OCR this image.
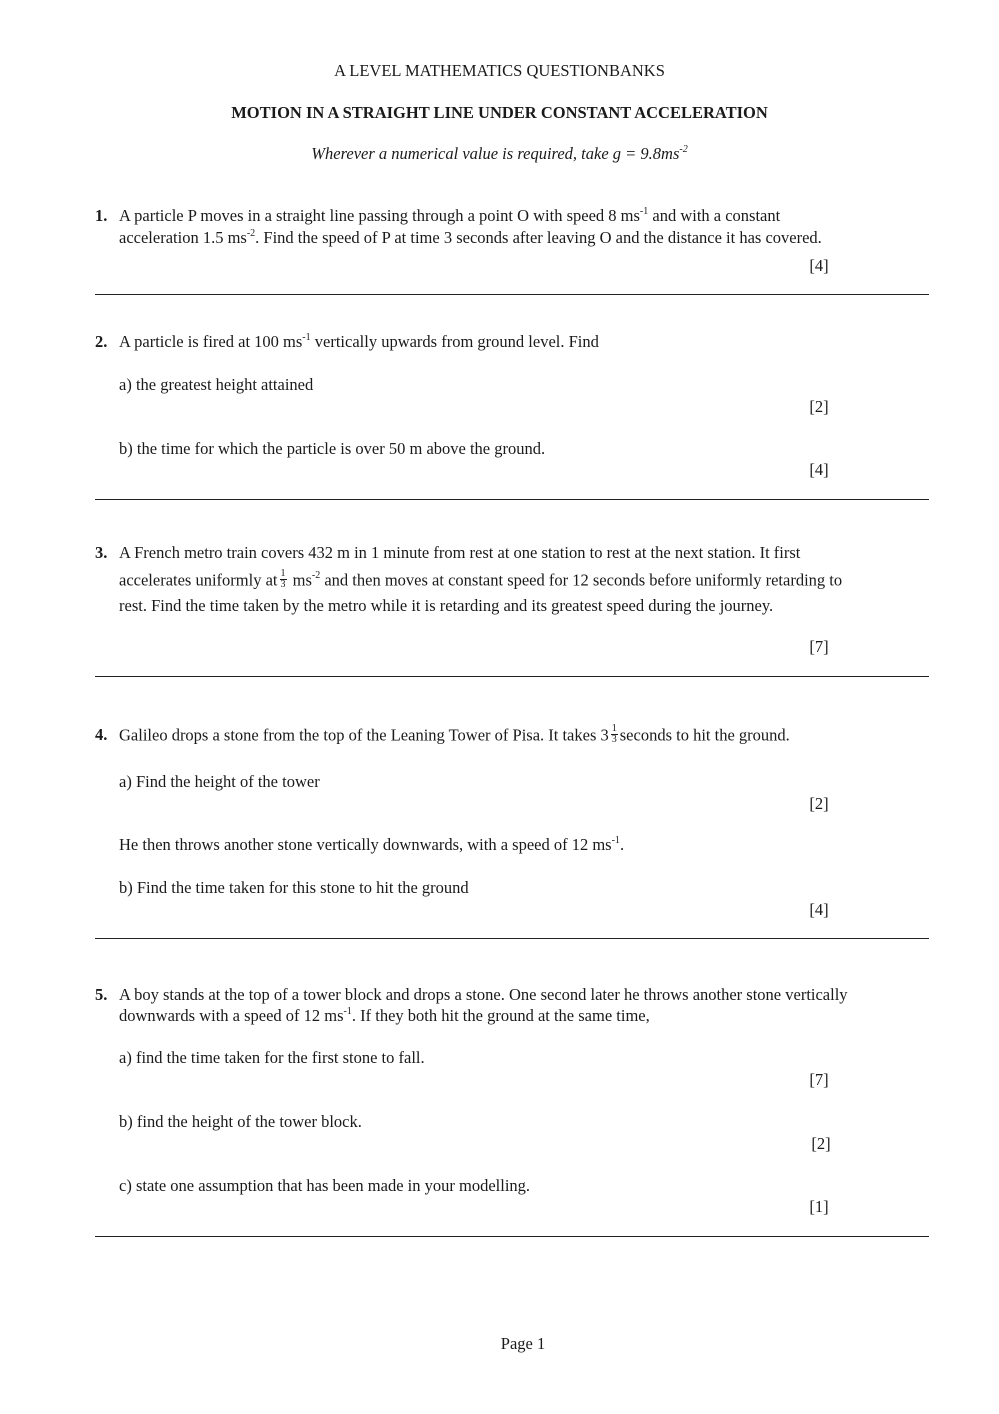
A LEVEL MATHEMATICS QUESTIONBANKS
MOTION IN A STRAIGHT LINE UNDER CONSTANT ACCELERATION
Wherever a numerical value is required, take $g = 9.8ms^{-2}$
1. A particle P moves in a straight line passing through a point O with speed 8 $ms^{-1}$ and with a constant
acceleration 1.5 $ms^{-2}$. Find the speed of P at time 3 seconds after leaving O and the distance it has covered.
[4]
2. A particle is fired at 100 $ms^{-1}$ vertically upwards from ground level. Find
a) the greatest height attained
[2]
b) the time for which the particle is over 50 m above the ground.
[4]
3. A French metro train covers 432 m in 1 minute from rest at one station to rest at the next station. It first
accelerates uniformly at $\frac{1}{3} ms^{-2}$ and then moves at constant speed for 12 seconds before uniformly retarding to
rest. Find the time taken by the metro while it is retarding and its greatest speed during the journey.
[7]
4. Galileo drops a stone from the top of the Leaning Tower of Pisa. It takes $3 \frac{1}{3}$ seconds to hit the ground.
a) Find the height of the tower
[2]
He then throws another stone vertically downwards, with a speed of 12 $ms^{-1}$.
b) Find the time taken for this stone to hit the ground
[4]
5. A boy stands at the top of a tower block and drops a stone. One second later he throws another stone vertically
downwards with a speed of 12 $ms^{-1}$. If they both hit the ground at the same time,
a) find the time taken for the first stone to fall.
[7]
b) find the height of the tower block.
[2]
c) state one assumption that has been made in your modelling.
[1]
Page 1
